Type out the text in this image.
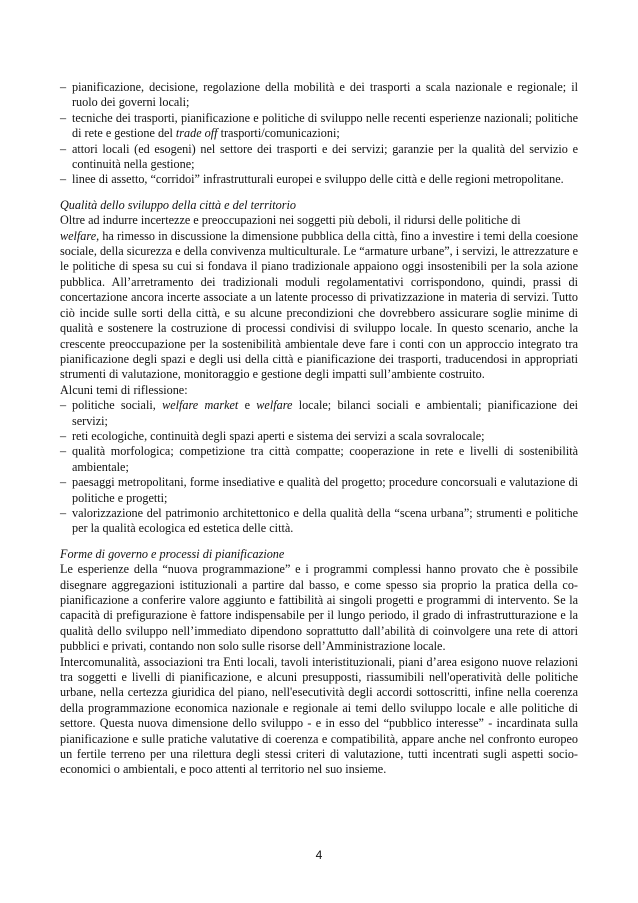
– pianificazione, decisione, regolazione della mobilità e dei trasporti a scala nazionale e regionale; il ruolo dei governi locali;
– tecniche dei trasporti, pianificazione e politiche di sviluppo nelle recenti esperienze nazionali; politiche di rete e gestione del trade off trasporti/comunicazioni;
– attori locali (ed esogeni) nel settore dei trasporti e dei servizi; garanzie per la qualità del servizio e continuità nella gestione;
– linee di assetto, “corridoi” infrastrutturali europei e sviluppo delle città e delle regioni metropolitane.
Qualità dello sviluppo della città e del territorio

Oltre ad indurre incertezze e preoccupazioni nei soggetti più deboli, il ridursi delle politiche di
welfare, ha rimesso in discussione la dimensione pubblica della città, fino a investire i temi della coesione sociale, della sicurezza e della convivenza multiculturale. Le “armature urbane”, i servizi, le attrezzature e le politiche di spesa su cui si fondava il piano tradizionale appaiono oggi insostenibili per la sola azione pubblica. All’arretramento dei tradizionali moduli regolamentativi corrispondono, quindi, prassi di concertazione ancora incerte associate a un latente processo di privatizzazione in materia di servizi. Tutto ciò incide sulle sorti della città, e su alcune precondizioni che dovrebbero assicurare soglie minime di qualità e sostenere la costruzione di processi condivisi di sviluppo locale. In questo scenario, anche la crescente preoccupazione per la sostenibilità ambientale deve fare i conti con un approccio integrato tra pianificazione degli spazi e degli usi della città e pianificazione dei trasporti, traducendosi in appropriati strumenti di valutazione, monitoraggio e gestione degli impatti sull’ambiente costruito.

Alcuni temi di riflessione:

– politiche sociali, welfare market e welfare locale; bilanci sociali e ambientali; pianificazione dei servizi;
– reti ecologiche, continuità degli spazi aperti e sistema dei servizi a scala sovralocale;
– qualità morfologica; competizione tra città compatte; cooperazione in rete e livelli di sostenibilità ambientale;
– paesaggi metropolitani, forme insediative e qualità del progetto; procedure concorsuali e valutazione di politiche e progetti;
– valorizzazione del patrimonio architettonico e della qualità della “scena urbana”; strumenti e politiche per la qualità ecologica ed estetica delle città.
Forme di governo e processi di pianificazione

Le esperienze della “nuova programmazione” e i programmi complessi hanno provato che è possibile disegnare aggregazioni istituzionali a partire dal basso, e come spesso sia proprio la pratica della co-pianificazione a conferire valore aggiunto e fattibilità ai singoli progetti e programmi di intervento. Se la capacità di prefigurazione è fattore indispensabile per il lungo periodo, il grado di infrastrutturazione e la qualità dello sviluppo nell’immediato dipendono soprattutto dall’abilità di coinvolgere una rete di attori pubblici e privati, contando non solo sulle risorse dell’Amministrazione locale.

Intercomunalità, associazioni tra Enti locali, tavoli interistituzionali, piani d’area esigono nuove relazioni tra soggetti e livelli di pianificazione, e alcuni presupposti, riassumibili nell'operatività delle politiche urbane, nella certezza giuridica del piano, nell'esecutività degli accordi sottoscritti, infine nella coerenza della programmazione economica nazionale e regionale ai temi dello sviluppo locale e alle politiche di settore. Questa nuova dimensione dello sviluppo - e in esso del “pubblico interesse” - incardinata sulla pianificazione e sulle pratiche valutative di coerenza e compatibilità, appare anche nel confronto europeo un fertile terreno per una rilettura degli stessi criteri di valutazione, tutti incentrati sugli aspetti socio-economici o ambientali, e poco attenti al territorio nel suo insieme.

4
